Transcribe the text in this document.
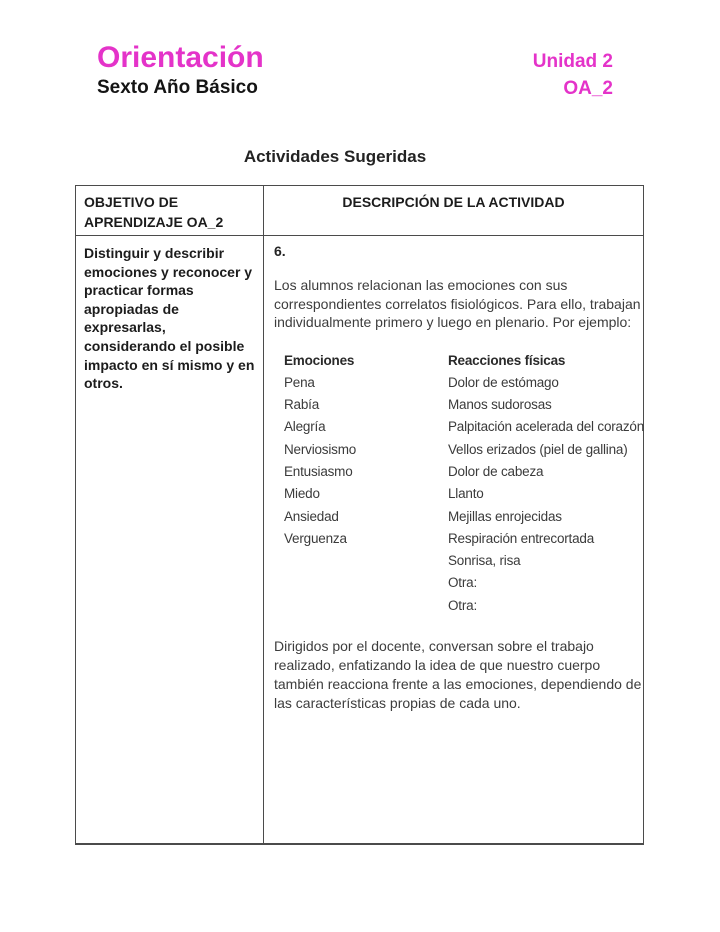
Orientación
Sexto Año Básico
Unidad 2
OA_2
Actividades Sugeridas
OBJETIVO DE APRENDIZAJE OA_2
DESCRIPCIÓN DE LA ACTIVIDAD
Distinguir y describir emociones y reconocer y practicar formas apropiadas de expresarlas, considerando el posible impacto en sí mismo y en otros.
6.
Los alumnos relacionan las emociones con sus correspondientes correlatos fisiológicos. Para ello, trabajan individualmente primero y luego en plenario. Por ejemplo:
Emociones
Pena
Rabía
Alegría
Nerviosismo
Entusiasmo
Miedo
Ansiedad
Verguenza
Reacciones físicas
Dolor de estómago
Manos sudorosas
Palpitación acelerada del corazón
Vellos erizados (piel de gallina)
Dolor de cabeza
Llanto
Mejillas enrojecidas
Respiración entrecortada
Sonrisa, risa
Otra:
Otra:
Dirigidos por el docente, conversan sobre el trabajo realizado, enfatizando la idea de que nuestro cuerpo también reacciona frente a las emociones, dependiendo de las características propias de cada uno.
